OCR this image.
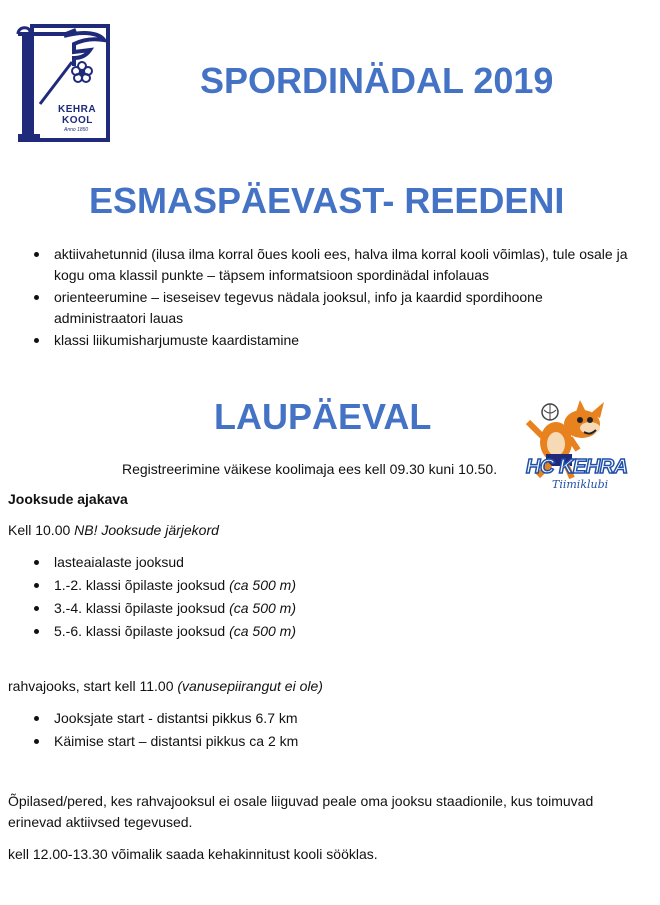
KEHRA
KOOL
Anno 1850
SPORDINÄDAL 2019
ESMASPÄEVAST- REEDENI
aktiivahetunnid (ilusa ilma korral õues kooli ees, halva ilma korral kooli võimlas), tule osale ja kogu oma klassil punkte – täpsem informatsioon spordinädal infolauas
orienteerumine – iseseisev tegevus nädala jooksul, info ja kaardid spordihoone administraatori lauas
klassi liikumisharjumuste kaardistamine
LAUPÄEVAL
HC KEHRA
Tiimiklubi
Registreerimine väikese koolimaja ees kell 09.30 kuni 10.50.
Jooksude ajakava
Kell 10.00 NB! Jooksude järjekord
lasteaialaste jooksud
1.-2. klassi õpilaste jooksud (ca 500 m)
3.-4. klassi õpilaste jooksud (ca 500 m)
5.-6. klassi õpilaste jooksud (ca 500 m)
rahvajooks, start kell 11.00 (vanusepiirangut ei ole)
Jooksjate start - distantsi pikkus 6.7 km
Käimise start – distantsi pikkus ca 2 km
Õpilased/pered, kes rahvajooksul ei osale liiguvad peale oma jooksu staadionile, kus toimuvad erinevad aktiivsed tegevused.
kell 12.00-13.30 võimalik saada kehakinnitust kooli sööklas.
